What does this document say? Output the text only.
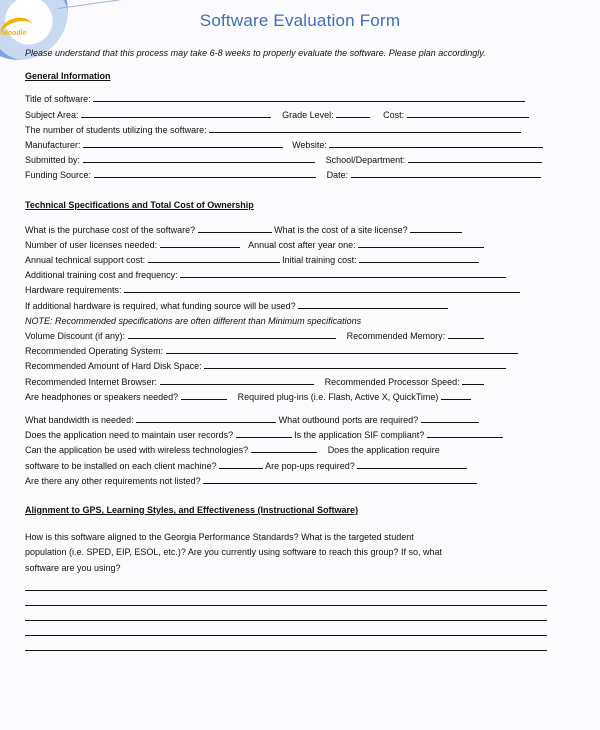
Moodle
Software Evaluation Form

Please understand that this process may take 6-8 weeks to properly evaluate the software. Please plan accordingly.

General Information

Title of software:
Subject Area:	Grade Level:	Cost:
The number of students utilizing the software:
Manufacturer:	Website:
Submitted by:	School/Department:
Funding Source:	Date:

Technical Specifications and Total Cost of Ownership

What is the purchase cost of the software?	What is the cost of a site license?
Number of user licenses needed:	Annual cost after year one:
Annual technical support cost:	Initial training cost:
Additional training cost and frequency:
Hardware requirements:
If additional hardware is required, what funding source will be used?
NOTE: Recommended specifications are often different than Minimum specifications
Volume Discount (if any):	Recommended Memory:
Recommended Operating System:
Recommended Amount of Hard Disk Space:
Recommended Internet Browser:	Recommended Processor Speed:
Are headphones or speakers needed?	Required plug-ins (i.e. Flash, Active X, QuickTime)
What bandwidth is needed:	What outbound ports are required?
Does the application need to maintain user records?	Is the application SIF compliant?
Can the application be used with wireless technologies?	Does the application require
software to be installed on each client machine?	Are pop-ups required?
Are there any other requirements not listed?

Alignment to GPS, Learning Styles, and Effectiveness (Instructional Software)

How is this software aligned to the Georgia Performance Standards? What is the targeted student
population (i.e. SPED, EIP, ESOL, etc.)? Are you currently using software to reach this group? If so, what
software are you using?
